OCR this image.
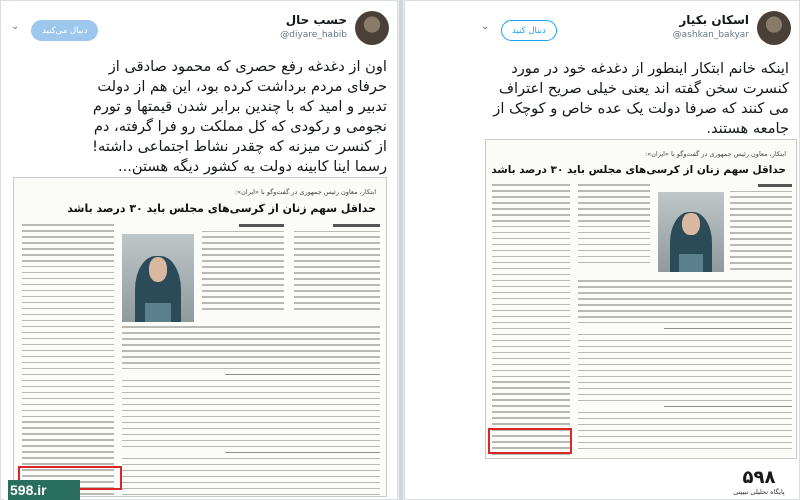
حسب حال
@diyare_habib
دنبال می‌کنید
⌄
اون از دغدغه رفع حصری که محمود صادقی از
حرفای مردم برداشت کرده بود، این هم از دولت
تدبیر و امید که با چندین برابر شدن قیمتها و تورم
نجومی و رکودی که کل مملکت رو فرا گرفته، دم
از کنسرت میزنه که چقدر نشاط اجتماعی داشته!
رسما اینا کابینه دولت یه کشور دیگه هستن...
ابتکار، معاون رئیس جمهوری در گفت‌و‌گو با «ایران»:
حداقل سهم زنان از کرسی‌های مجلس باید ۳۰ درصد باشد
اسکان بکیار
@ashkan_bakyar
دنبال کنید
⌄
اینکه خانم ابتکار اینطور از دغدغه خود در مورد
کنسرت سخن گفته اند یعنی خیلی صریح اعتراف
می کنند که صرفا دولت یک عده خاص و کوچک از
جامعه هستند.
ابتکار، معاون رئیس جمهوری در گفت‌و‌گو با «ایران»:
حداقل سهم زنان از کرسی‌های مجلس باید ۳۰ درصد باشد
598.ir
۵۹۸
پایگاه تحلیلی تبیینی
